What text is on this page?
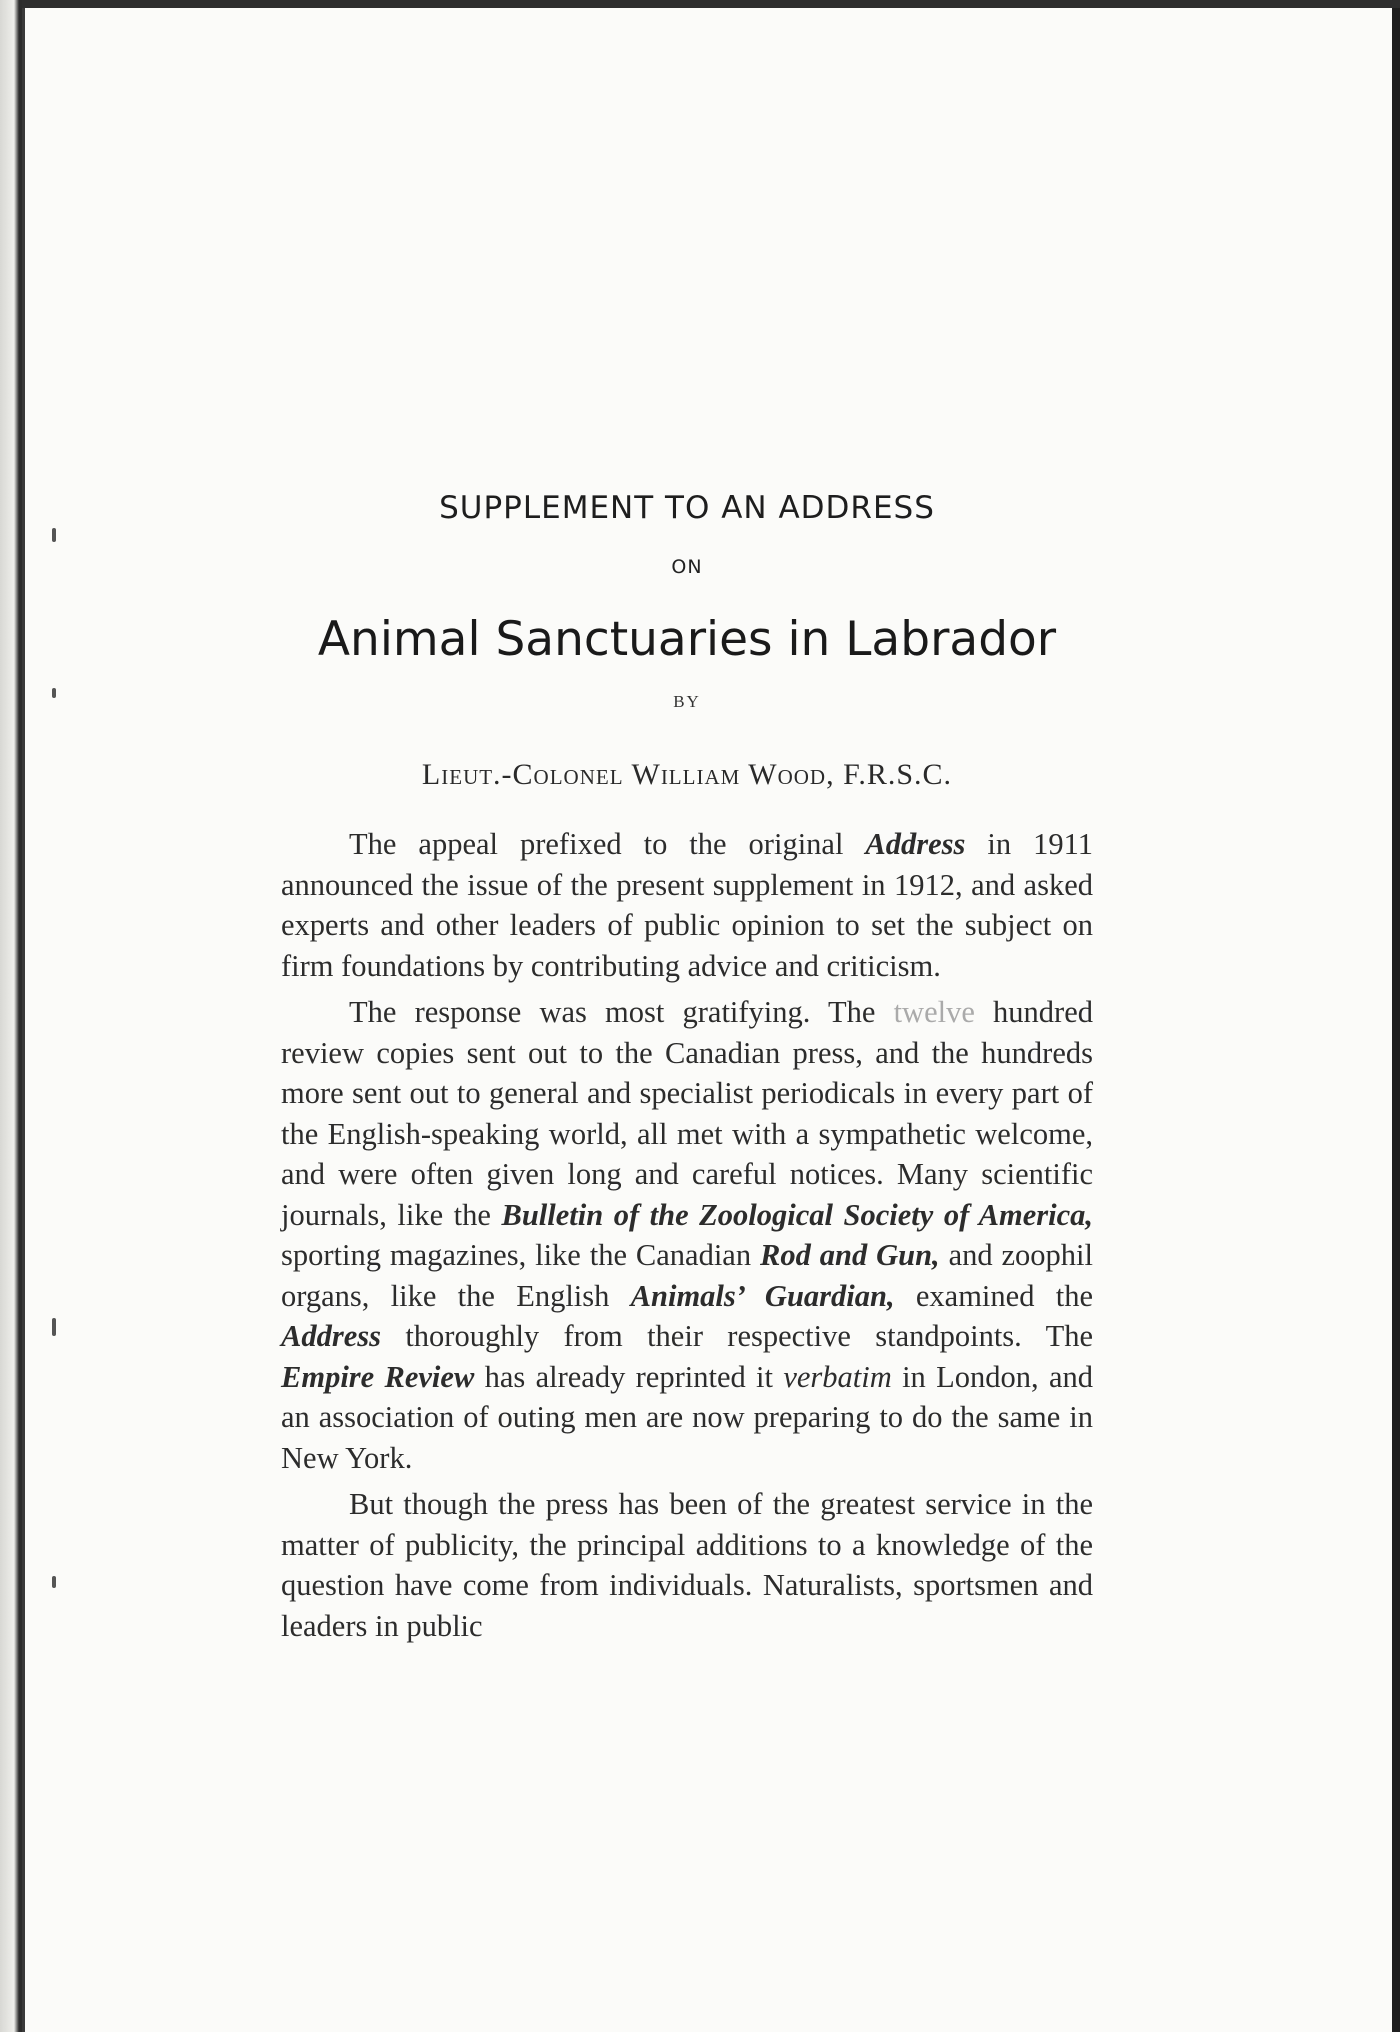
SUPPLEMENT TO AN ADDRESS
ON
Animal Sanctuaries in Labrador
BY
Lieut.-Colonel William Wood, F.R.S.C.

The appeal prefixed to the original Address in 1911 announced the issue of the present supplement in 1912, and asked experts and other leaders of public opinion to set the subject on firm foundations by contributing advice and criticism.

The response was most gratifying. The twelve hundred review copies sent out to the Canadian press, and the hundreds more sent out to general and specialist periodicals in every part of the English-speaking world, all met with a sympathetic welcome, and were often given long and careful notices. Many scientific journals, like the Bulletin of the Zoological Society of America, sporting magazines, like the Canadian Rod and Gun, and zoophil organs, like the English Animals’ Guardian, examined the Address thoroughly from their respective standpoints. The Empire Review has already reprinted it verbatim in London, and an association of outing men are now preparing to do the same in New York.

But though the press has been of the greatest service in the matter of publicity, the principal additions to a knowledge of the question have come from individuals. Naturalists, sportsmen and leaders in public
